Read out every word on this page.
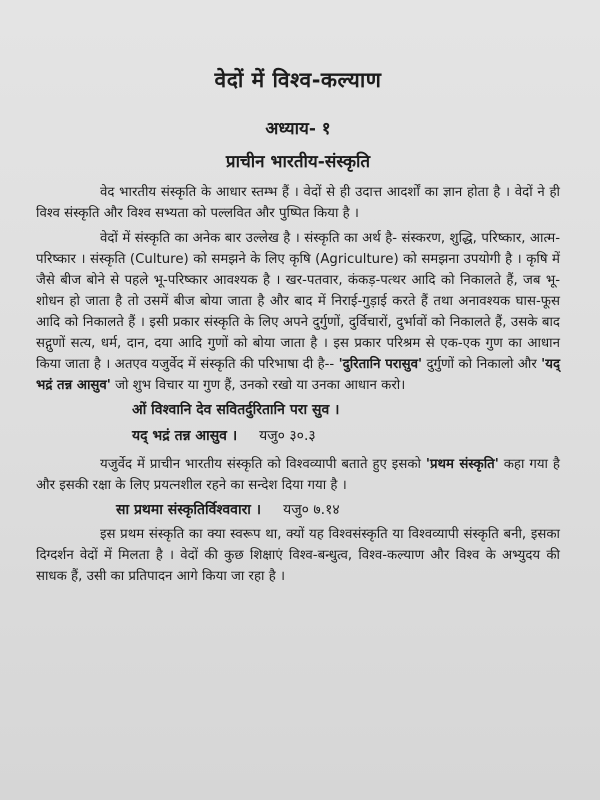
वेदों में विश्व-कल्याण
अध्याय- १
प्राचीन भारतीय-संस्कृति

वेद भारतीय संस्कृति के आधार स्तम्भ हैं । वेदों से ही उदात्त आदर्शों का ज्ञान होता है । वेदों ने ही विश्व संस्कृति और विश्व सभ्यता को पल्लवित और पुष्पित किया है ।

वेदों में संस्कृति का अनेक बार उल्लेख है । संस्कृति का अर्थ है- संस्करण, शुद्धि, परिष्कार, आत्म-परिष्कार । संस्कृति (Culture) को समझने के लिए कृषि (Agriculture) को समझना उपयोगी है । कृषि में जैसे बीज बोने से पहले भू-परिष्कार आवश्यक है । खर-पतवार, कंकड़-पत्थर आदि को निकालते हैं, जब भू-शोधन हो जाता है तो उसमें बीज बोया जाता है और बाद में निराई-गुड़ाई करते हैं तथा अनावश्यक घास-फूस आदि को निकालते हैं । इसी प्रकार संस्कृति के लिए अपने दुर्गुणों, दुर्विचारों, दुर्भावों को निकालते हैं, उसके बाद सद्गुणों सत्य, धर्म, दान, दया आदि गुणों को बोया जाता है । इस प्रकार परिश्रम से एक-एक गुण का आधान किया जाता है । अतएव यजुर्वेद में संस्कृति की परिभाषा दी है-- 'दुरितानि परासुव' दुर्गुणों को निकालो और 'यद् भद्रं तन्न आसुव' जो शुभ विचार या गुण हैं, उनको रखो या उनका आधान करो।

ओं विश्वानि देव सवितर्दुरितानि परा सुव ।
यद् भद्रं तन्न आसुव । यजु० ३०.३

यजुर्वेद में प्राचीन भारतीय संस्कृति को विश्वव्यापी बताते हुए इसको 'प्रथम संस्कृति' कहा गया है और इसकी रक्षा के लिए प्रयत्नशील रहने का सन्देश दिया गया है ।

सा प्रथमा संस्कृतिर्विश्ववारा । यजु० ७.१४

इस प्रथम संस्कृति का क्या स्वरूप था, क्यों यह विश्वसंस्कृति या विश्वव्यापी संस्कृति बनी, इसका दिग्दर्शन वेदों में मिलता है । वेदों की कुछ शिक्षाएं विश्व-बन्धुत्व, विश्व-कल्याण और विश्व के अभ्युदय की साधक हैं, उसी का प्रतिपादन आगे किया जा रहा है ।
